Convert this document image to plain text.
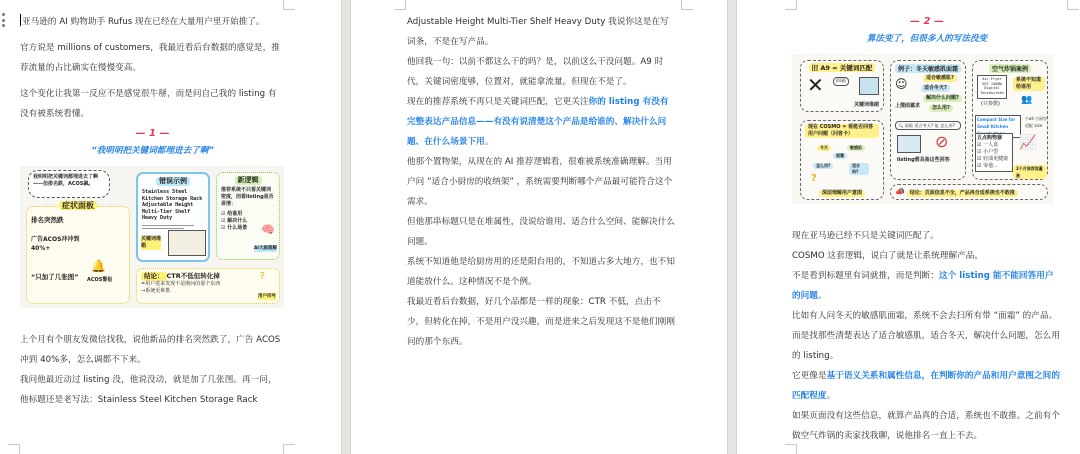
亚马逊的 AI 购物助手 Rufus 现在已经在大量用户里开始推了。

官方说是 millions of customers，我最近看后台数据的感觉是，推荐流量的占比确实在慢慢变高。

这个变化让我第一反应不是感觉很牛掰，而是问自己我的 listing 有没有被系统看懂。

— 1 —
“我明明把关键词都埋进去了啊”
我明明把关键词都埋进去了啊——但排名跌，ACOS飙。
症状面板
排名突然跌
广告ACOS冲冲到40%+
🔔
ACOS警报
“只加了几张图”
错误示例
Stainless Steel Kitchen Storage Rack Adjustable Height Multi-Tier Shelf Heavy Duty
关键词堆箱
新逻辑
推荐系统不只看关键词密度，而看listing是否讲清：
☑ 给谁用
☑ 解决什么
☑ 什么场景	🧠
AI大脑理解
结论： CTR不低但转化掉
=用户进来发现不是刚问的那个东西
→系统更难推.
?
用户问号

上个月有个朋友发微信找我，说他新品的排名突然跌了，广告 ACOS 冲到 40%多，怎么调都不下来。

我问他最近动过 listing 没，他说没动，就是加了几张图。再一问，他标题还是老写法：Stainless Steel Kitchen Storage Rack

Adjustable Height Multi-Tier Shelf Heavy Duty 我说你这是在写词条，不是在写产品。

他回我一句：以前不都这么干的吗？是，以前这么干没问题。A9 时代，关键词密度够，位置对，就能拿流量。但现在不是了。

现在的推荐系统不再只是关键词匹配，它更关注你的 listing 有没有完整表达产品信息——有没有说清楚这个产品是给谁的、解决什么问题、在什么场景下用。

他那个置物架，从现在的 AI 推荐逻辑看，很难被系统准确理解。当用户问 “适合小厨房的收纳架” ，系统需要判断哪个产品最可能符合这个需求。

但他那串标题只是在堆属性，没说给谁用、适合什么空间、能解决什么问题。

系统不知道他是给厨房用的还是阳台用的，不知道占多大地方，也不知道能放什么。这种情况不是个例。

我最近看后台数据，好几个品都是一样的现象：CTR 不低，点击不少，但转化在掉，不是用户没兴趣，而是进来之后发现这不是他们刚刚问的那个东西。

— 2 —
算法变了，但很多人的写法没变
旧 A9 = 关键词匹配
✕	面霜
关键词堆砌
现在 COSMO = 看能否回答用户问题（问答卡）
面霜
冬天	敏感肌
怎么用?	适合吗?
?
深层理解用户意图
例子：冬天敏感肌面霜
☺	适合敏感肌?
适合冬天?
解决什么问题?
怎么用?
上搜面霜求
🔍 面霜 适合冬天? 能 怎么用?
⊘
listing需具备这些回答
空气炸锅案例
Air Fryer 5QT 1500W Digital Touchscreen
(只参数)
系统不知道给谁用
👥
Compact Size for Small Kitchen
小all 小厨房适配 size
五点购物器
☑ 一人食
☑ 小户型
☑ 轻油更健康
☑ 零他...
📈
2个月推荐流量涨
📣 结论：页面信息不全，产品再合适系统也不敢推

现在亚马逊已经不只是关键词匹配了。

COSMO 这套逻辑，说白了就是让系统理解产品。

不是看到标题里有词就推，而是判断：这个 listing 能不能回答用户的问题。

比如有人问冬天的敏感肌面霜，系统不会去扫所有带 “面霜” 的产品。而是找那些清楚表达了适合敏感肌，适合冬天，解决什么问题，怎么用的 listing。

它更像是基于语义关系和属性信息，在判断你的产品和用户意图之间的匹配程度。

如果页面没有这些信息，就算产品真的合适，系统也不敢推。之前有个做空气炸锅的卖家找我聊，说他排名一直上不去。
